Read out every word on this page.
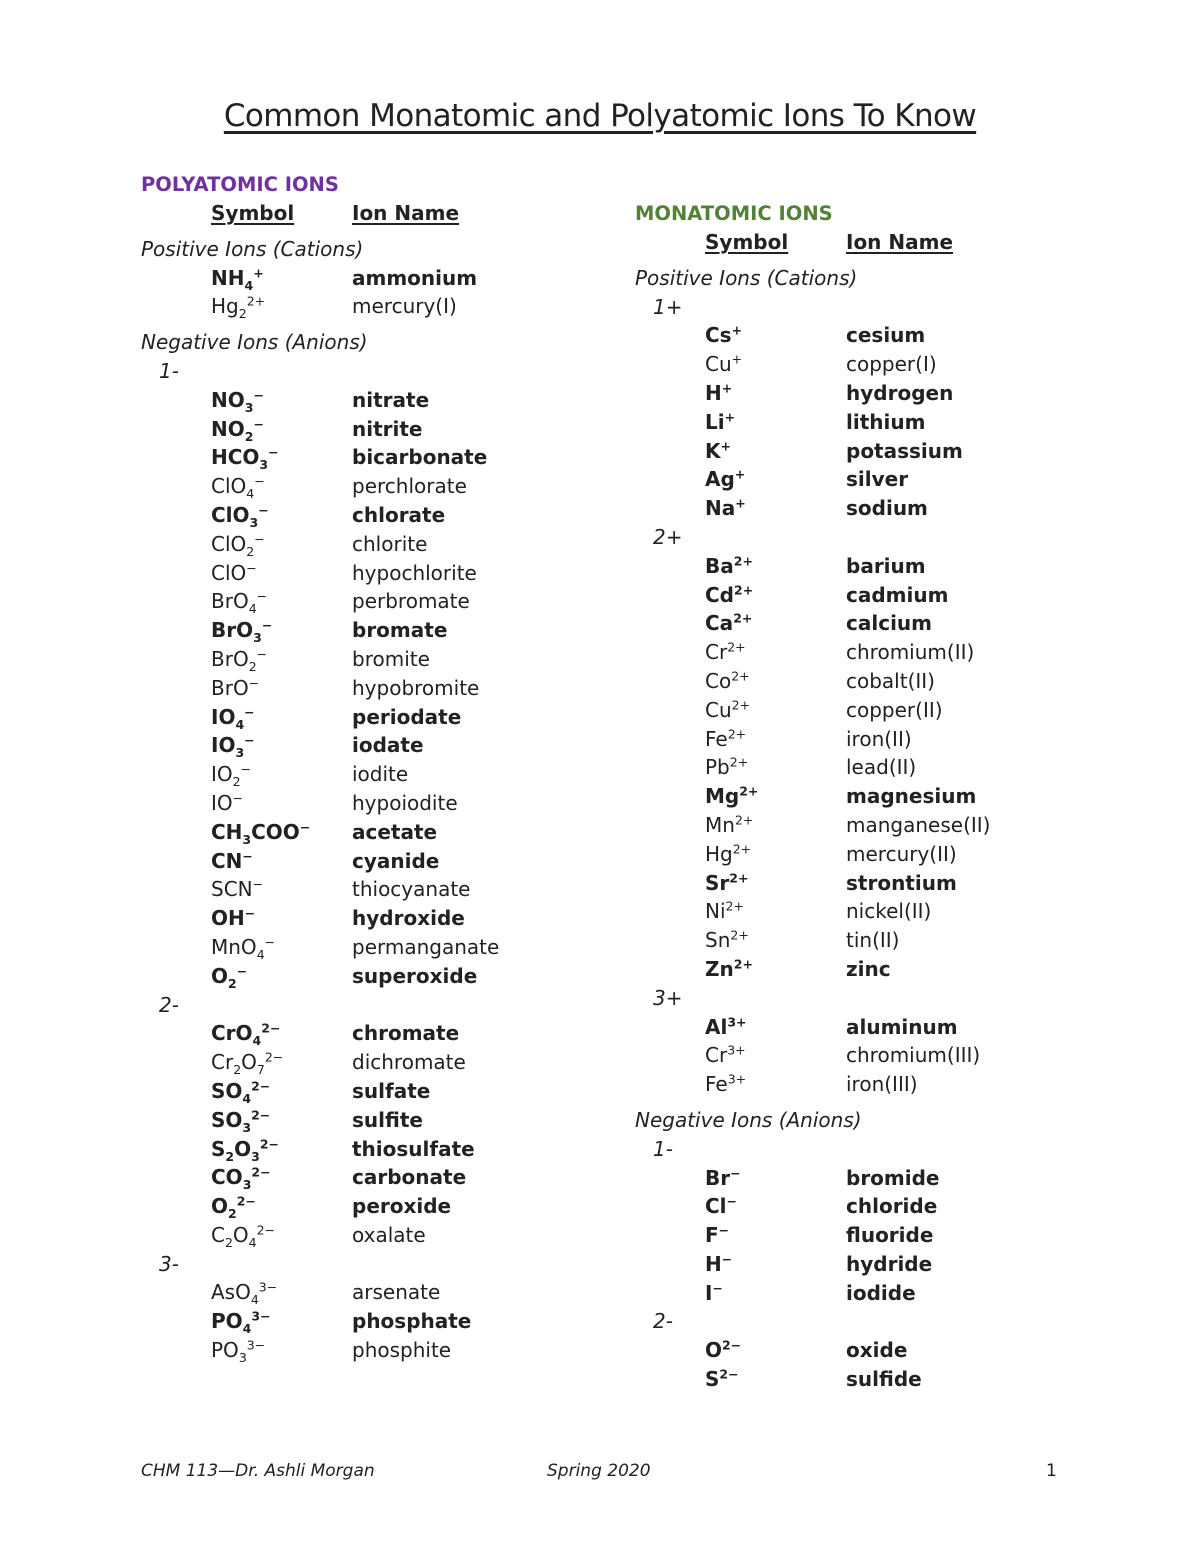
Common Monatomic and Polyatomic Ions To Know
POLYATOMIC IONS
Symbol	Ion Name
Positive Ions (Cations)
$NH_4^+$	ammonium
$Hg_2^{2+}$	mercury(I)
Negative Ions (Anions)
1-
$NO_3^-$	nitrate
$NO_2^-$	nitrite
$HCO_3^-$	bicarbonate
ClO$_4$−	perchlorate
ClO$_3$−	chlorate
ClO$_2$−	chlorite
ClO−	hypochlorite
BrO$_4$−	perbromate
BrO$_3$−	bromate
BrO$_2$−	bromite
BrO−	hypobromite
$IO_4^-$	periodate
$IO_3^-$	iodate
$IO_2^-$	iodite
IO−	hypoiodite
$CH_3COO^-$ acetate
CN−	cyanide
SCN−	thiocyanate
OH−	hydroxide
MnO$_4$−	permanganate
$O_2^-$	superoxide
2-
CrO$_4^{2-}$	chromate
$Cr_2O_7^{2-}$	dichromate
$SO_4^{2-}$	sulfate
$SO_3^{2-}$	sulfite
$S_2O_3^{2-}$	thiosulfate
$CO_3^{2-}$	carbonate
$O_2^{2-}$	peroxide
$C_2O_4^{2-}$	oxalate
3-
AsO$_4^{3-}$	arsenate
$PO_4^{3-}$	phosphate
$PO_3^{3-}$	phosphite
MONATOMIC IONS
Symbol	Ion Name
Positive Ions (Cations)
1+
Cs+	cesium
Cu+	copper(I)
H+	hydrogen
Li+	lithium
K+	potassium
Ag+	silver
Na+	sodium
2+
$Ba^{2+}$	barium
$Cd^{2+}$	cadmium
$Ca^{2+}$	calcium
$Cr^{2+}$	chromium(II)
$Co^{2+}$	cobalt(II)
$Cu^{2+}$	copper(II)
$Fe^{2+}$	iron(II)
$Pb^{2+}$	lead(II)
$Mg^{2+}$	magnesium
$Mn^{2+}$	manganese(II)
$Hg^{2+}$	mercury(II)
$Sr^{2+}$	strontium
$Ni^{2+}$	nickel(II)
$Sn^{2+}$	tin(II)
$Zn^{2+}$	zinc
3+
$Al^{3+}$	aluminum
$Cr^{3+}$	chromium(III)
$Fe^{3+}$	iron(III)
Negative Ions (Anions)
1-
Br−	bromide
Cl−	chloride
F−	fluoride
H−	hydride
I−	iodide
2-
$O^{2-}$	oxide
$S^{2-}$	sulfide
CHM 113—Dr. Ashli Morgan	Spring 2020	1
